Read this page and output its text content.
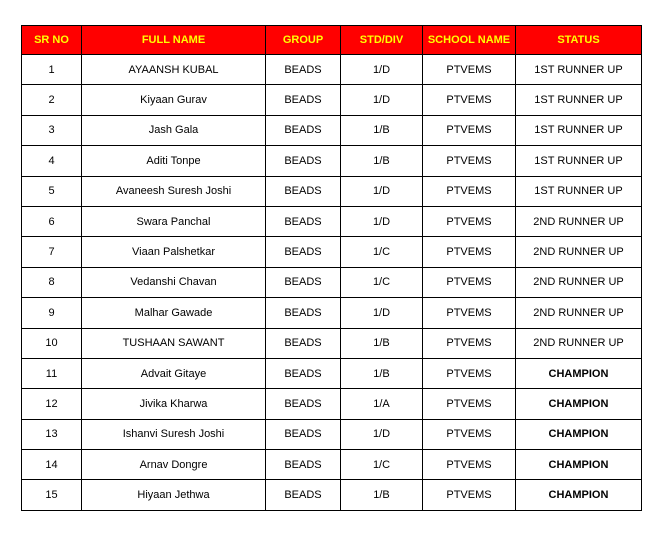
SR NO	FULL NAME	GROUP	STD/DIV	SCHOOL NAME	STATUS
1	AYAANSH KUBAL	BEADS	1/D	PTVEMS	1ST RUNNER UP
2	Kiyaan Gurav	BEADS	1/D	PTVEMS	1ST RUNNER UP
3	Jash Gala	BEADS	1/B	PTVEMS	1ST RUNNER UP
4	Aditi Tonpe	BEADS	1/B	PTVEMS	1ST RUNNER UP
5	Avaneesh Suresh Joshi	BEADS	1/D	PTVEMS	1ST RUNNER UP
6	Swara Panchal	BEADS	1/D	PTVEMS	2ND RUNNER UP
7	Viaan Palshetkar	BEADS	1/C	PTVEMS	2ND RUNNER UP
8	Vedanshi Chavan	BEADS	1/C	PTVEMS	2ND RUNNER UP
9	Malhar Gawade	BEADS	1/D	PTVEMS	2ND RUNNER UP
10	TUSHAAN SAWANT	BEADS	1/B	PTVEMS	2ND RUNNER UP
11	Advait Gitaye	BEADS	1/B	PTVEMS	CHAMPION
12	Jivika Kharwa	BEADS	1/A	PTVEMS	CHAMPION
13	Ishanvi Suresh Joshi	BEADS	1/D	PTVEMS	CHAMPION
14	Arnav Dongre	BEADS	1/C	PTVEMS	CHAMPION
15	Hiyaan Jethwa	BEADS	1/B	PTVEMS	CHAMPION
